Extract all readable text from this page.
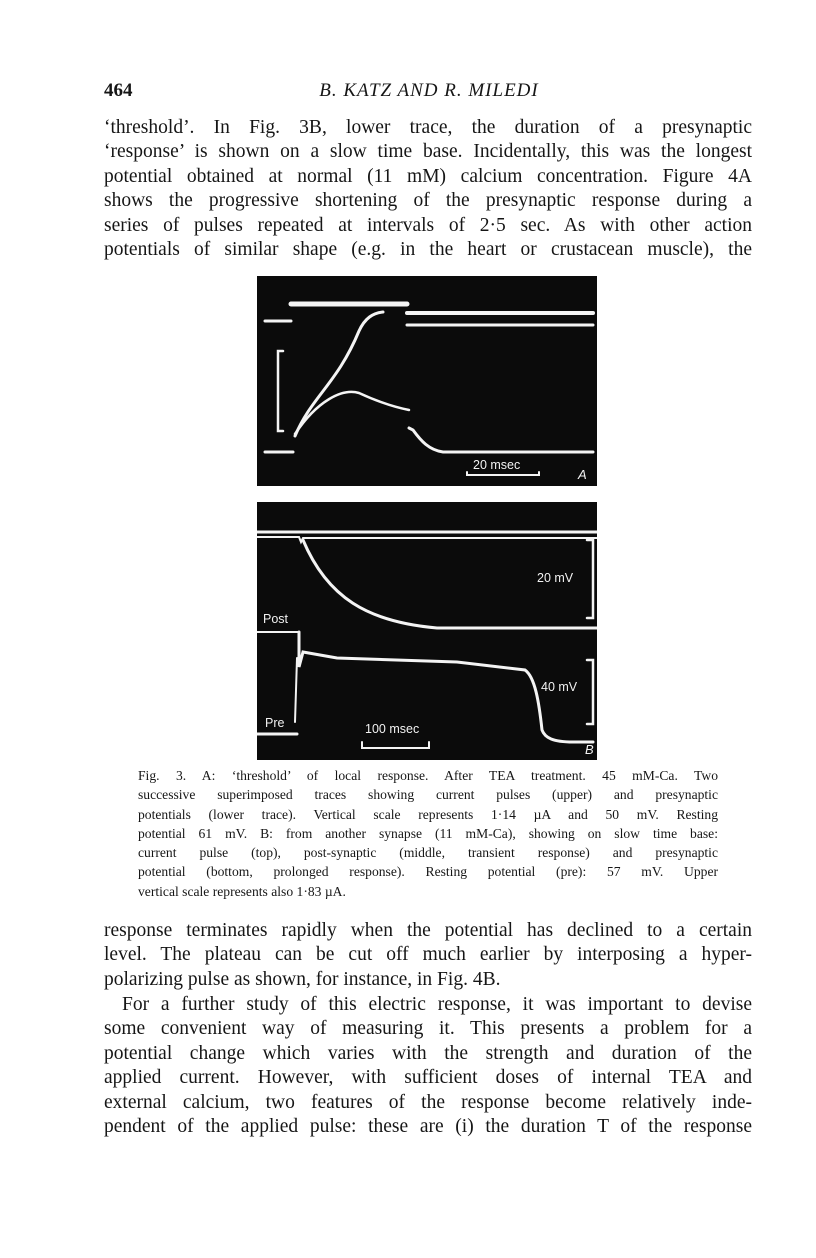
464	B. KATZ AND R. MILEDI

‘threshold’. In Fig. 3B, lower trace, the duration of a presynaptic
‘response’ is shown on a slow time base. Incidentally, this was the longest
potential obtained at normal (11 mM) calcium concentration. Figure 4A
shows the progressive shortening of the presynaptic response during a
series of pulses repeated at intervals of 2·5 sec. As with other action
potentials of similar shape (e.g. in the heart or crustacean muscle), the

20 msec
A
20 mV
40 mV
Post
Pre	100 msec
B

Fig. 3. A: ‘threshold’ of local response. After TEA treatment. 45 mM-Ca. Two
successive superimposed traces showing current pulses (upper) and presynaptic
potentials (lower trace). Vertical scale represents 1·14 µA and 50 mV. Resting
potential 61 mV. B: from another synapse (11 mM-Ca), showing on slow time base:
current pulse (top), post-synaptic (middle, transient response) and presynaptic
potential (bottom, prolonged response). Resting potential (pre): 57 mV. Upper
vertical scale represents also 1·83 µA.

response terminates rapidly when the potential has declined to a certain
level. The plateau can be cut off much earlier by interposing a hyper-
polarizing pulse as shown, for instance, in Fig. 4B.

For a further study of this electric response, it was important to devise
some convenient way of measuring it. This presents a problem for a
potential change which varies with the strength and duration of the
applied current. However, with sufficient doses of internal TEA and
external calcium, two features of the response become relatively inde-
pendent of the applied pulse: these are (i) the duration T of the response
